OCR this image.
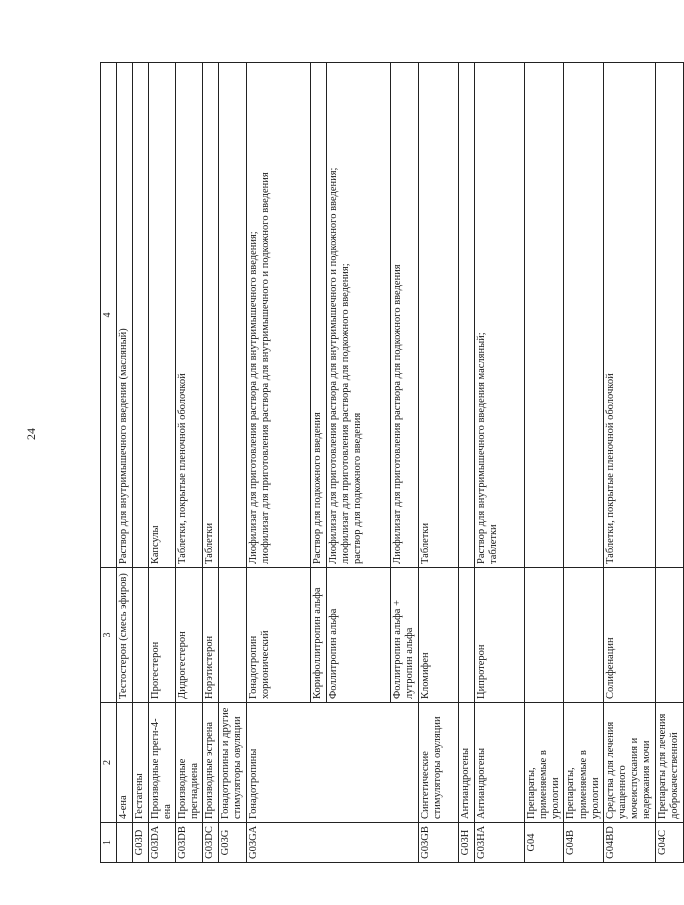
24
1	2	3	4
	4-ена	Тестостерон (смесь эфиров)	Раствор для внутримышечного введения (масляный)
G03D	Гестагены		
G03DA	Производные прегн-4-ена	Прогестерон	Капсулы
G03DB	Производные прегнадиена	Дидрогестерон	Таблетки, покрытые пленочной оболочкой
G03DC	Производные эстрена	Норэтистерон	Таблетки
G03G	Гонадотропины и другие стимуляторы овуляции		
G03GA	Гонадотропины	Гонадотропин хорионический	Лиофилизат для приготовления раствора для внутримышечного введения;
лиофилизат для приготовления раствора для внутримышечного и подкожного введения
		Корифоллитропин альфа	Раствор для подкожного введения
		Фоллитропин альфа	Лиофилизат для приготовления раствора для внутримышечного и подкожного введения;
лиофилизат для приготовления раствора для подкожного введения;
раствор для подкожного введения
		Фоллитропин альфа + лутропин альфа	Лиофилизат для приготовления раствора для подкожного введения
G03GB	Синтетические стимуляторы овуляции	Кломифен	Таблетки
G03H	Антиандрогены		
G03HA	Антиандрогены	Ципротерон	Раствор для внутримышечного введения масляный;
таблетки
G04	Препараты, применяемые в урологии		
G04B	Препараты, применяемые в урологии		
G04BD	Средства для лечения учащенного мочеиспускания и недержания мочи	Солифенацин	Таблетки, покрытые пленочной оболочкой
G04C	Препараты для лечения доброкачественной		
